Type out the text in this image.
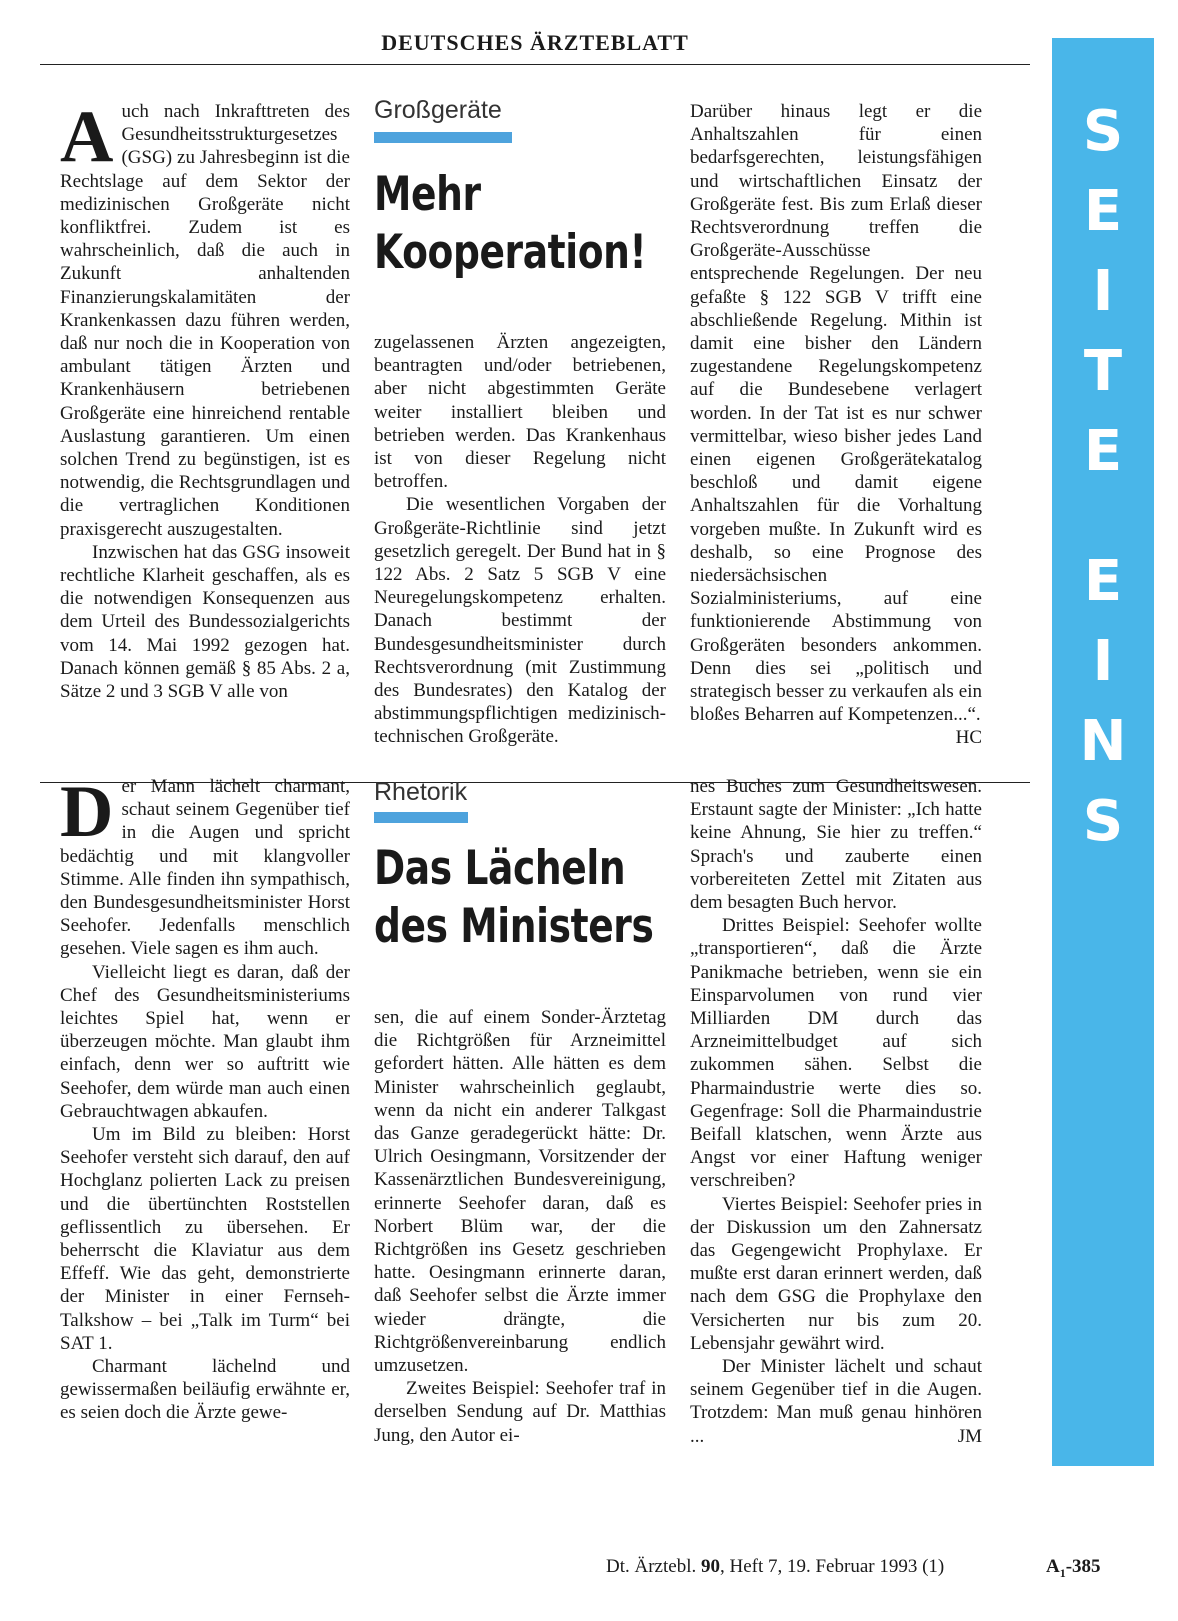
DEUTSCHES ÄRZTEBLATT
A uch nach Inkrafttreten des Gesundheitsstrukturgesetzes (GSG) zu Jahresbeginn ist die Rechtslage auf dem Sektor der medizinischen Großgeräte nicht konfliktfrei. Zudem ist es wahrscheinlich, daß die auch in Zukunft anhaltenden Finanzierungskalamitäten der Krankenkassen dazu führen werden, daß nur noch die in Kooperation von ambulant tätigen Ärzten und Krankenhäusern betriebenen Großgeräte eine hinreichend rentable Auslastung garantieren. Um einen solchen Trend zu begünstigen, ist es notwendig, die Rechtsgrundlagen und die vertraglichen Konditionen praxisgerecht auszugestalten.

Inzwischen hat das GSG insoweit rechtliche Klarheit geschaffen, als es die notwendigen Konsequenzen aus dem Urteil des Bundessozialgerichts vom 14. Mai 1992 gezogen hat. Danach können gemäß § 85 Abs. 2 a, Sätze 2 und 3 SGB V alle von

Großgeräte
Mehr
Kooperation!

zugelassenen Ärzten angezeigten, beantragten und/oder betriebenen, aber nicht abgestimmten Geräte weiter installiert bleiben und betrieben werden. Das Krankenhaus ist von dieser Regelung nicht betroffen.

Die wesentlichen Vorgaben der Großgeräte-Richtlinie sind jetzt gesetzlich geregelt. Der Bund hat in § 122 Abs. 2 Satz 5 SGB V eine Neuregelungskompetenz erhalten. Danach bestimmt der Bundesgesundheitsminister durch Rechtsverordnung (mit Zustimmung des Bundesrates) den Katalog der abstimmungspflichtigen medizinisch-technischen Großgeräte.

Darüber hinaus legt er die Anhaltszahlen für einen bedarfsgerechten, leistungsfähigen und wirtschaftlichen Einsatz der Großgeräte fest. Bis zum Erlaß dieser Rechtsverordnung treffen die Großgeräte-Ausschüsse entsprechende Regelungen. Der neu gefaßte § 122 SGB V trifft eine abschließende Regelung. Mithin ist damit eine bisher den Ländern zugestandene Regelungskompetenz auf die Bundesebene verlagert worden. In der Tat ist es nur schwer vermittelbar, wieso bisher jedes Land einen eigenen Großgerätekatalog beschloß und damit eigene Anhaltszahlen für die Vorhaltung vorgeben mußte. In Zukunft wird es deshalb, so eine Prognose des niedersächsischen Sozialministeriums, auf eine funktionierende Abstimmung von Großgeräten besonders ankommen. Denn dies sei „politisch und strategisch besser zu verkaufen als ein bloßes Beharren auf Kompetenzen...“.
HC

D er Mann lächelt charmant, schaut seinem Gegenüber tief in die Augen und spricht bedächtig und mit klangvoller Stimme. Alle finden ihn sympathisch, den Bundesgesundheitsminister Horst Seehofer. Jedenfalls menschlich gesehen. Viele sagen es ihm auch.

Vielleicht liegt es daran, daß der Chef des Gesundheitsministeriums leichtes Spiel hat, wenn er überzeugen möchte. Man glaubt ihm einfach, denn wer so auftritt wie Seehofer, dem würde man auch einen Gebrauchtwagen abkaufen.

Um im Bild zu bleiben: Horst Seehofer versteht sich darauf, den auf Hochglanz polierten Lack zu preisen und die übertünchten Roststellen geflissentlich zu übersehen. Er beherrscht die Klaviatur aus dem Effeff. Wie das geht, demonstrierte der Minister in einer Fernseh-Talkshow – bei „Talk im Turm“ bei SAT 1.

Charmant lächelnd und gewissermaßen beiläufig erwähnte er, es seien doch die Ärzte gewe-

Rhetorik
Das Lächeln
des Ministers

sen, die auf einem Sonder-Ärztetag die Richtgrößen für Arzneimittel gefordert hätten. Alle hätten es dem Minister wahrscheinlich geglaubt, wenn da nicht ein anderer Talkgast das Ganze geradegerückt hätte: Dr. Ulrich Oesingmann, Vorsitzender der Kassenärztlichen Bundesvereinigung, erinnerte Seehofer daran, daß es Norbert Blüm war, der die Richtgrößen ins Gesetz geschrieben hatte. Oesingmann erinnerte daran, daß Seehofer selbst die Ärzte immer wieder drängte, die Richtgrößenvereinbarung endlich umzusetzen.

Zweites Beispiel: Seehofer traf in derselben Sendung auf Dr. Matthias Jung, den Autor ei-

nes Buches zum Gesundheitswesen. Erstaunt sagte der Minister: „Ich hatte keine Ahnung, Sie hier zu treffen.“ Sprach's und zauberte einen vorbereiteten Zettel mit Zitaten aus dem besagten Buch hervor.

Drittes Beispiel: Seehofer wollte „transportieren“, daß die Ärzte Panikmache betrieben, wenn sie ein Einsparvolumen von rund vier Milliarden DM durch das Arzneimittelbudget auf sich zukommen sähen. Selbst die Pharmaindustrie werte dies so. Gegenfrage: Soll die Pharmaindustrie Beifall klatschen, wenn Ärzte aus Angst vor einer Haftung weniger verschreiben?

Viertes Beispiel: Seehofer pries in der Diskussion um den Zahnersatz das Gegengewicht Prophylaxe. Er mußte erst daran erinnert werden, daß nach dem GSG die Prophylaxe den Versicherten nur bis zum 20. Lebensjahr gewährt wird.

Der Minister lächelt und schaut seinem Gegenüber tief in die Augen. Trotzdem: Man muß genau hinhören ...	JM

S
E
I
T
E
E
I
N
S
Dt. Ärztebl. 90, Heft 7, 19. Februar 1993 (1)	$A_1-385$
